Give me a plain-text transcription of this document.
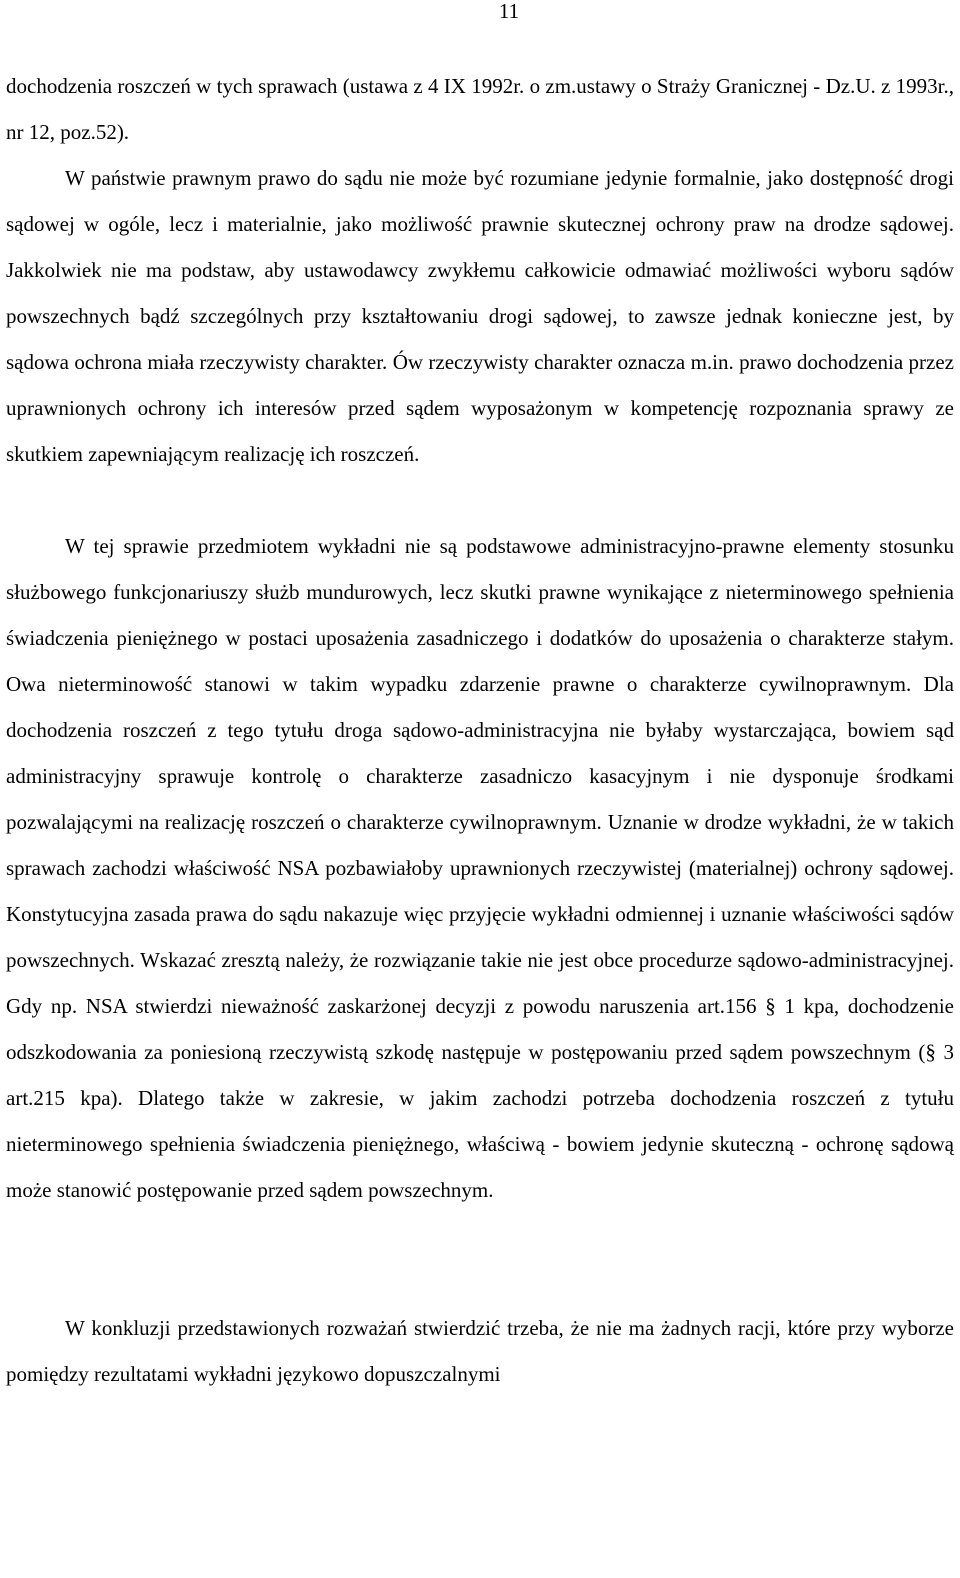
11

dochodzenia roszczeń w tych sprawach (ustawa z 4 IX 1992r. o zm.ustawy o Straży Granicznej - Dz.U. z 1993r., nr 12, poz.52).

W państwie prawnym prawo do sądu nie może być rozumiane jedynie formalnie, jako dostępność drogi sądowej w ogóle, lecz i materialnie, jako możliwość prawnie skutecznej ochrony praw na drodze sądowej. Jakkolwiek nie ma podstaw, aby ustawodawcy zwykłemu całkowicie odmawiać możliwości wyboru sądów powszechnych bądź szczególnych przy kształtowaniu drogi sądowej, to zawsze jednak konieczne jest, by sądowa ochrona miała rzeczywisty charakter. Ów rzeczywisty charakter oznacza m.in. prawo dochodzenia przez uprawnionych ochrony ich interesów przed sądem wyposażonym w kompetencję rozpoznania sprawy ze skutkiem zapewniającym realizację ich roszczeń.

W tej sprawie przedmiotem wykładni nie są podstawowe administracyjno-prawne elementy stosunku służbowego funkcjonariuszy służb mundurowych, lecz skutki prawne wynikające z nieterminowego spełnienia świadczenia pieniężnego w postaci uposażenia zasadniczego i dodatków do uposażenia o charakterze stałym. Owa nieterminowość stanowi w takim wypadku zdarzenie prawne o charakterze cywilnoprawnym. Dla dochodzenia roszczeń z tego tytułu droga sądowo-administracyjna nie byłaby wystarczająca, bowiem sąd administracyjny sprawuje kontrolę o charakterze zasadniczo kasacyjnym i nie dysponuje środkami pozwalającymi na realizację roszczeń o charakterze cywilnoprawnym. Uznanie w drodze wykładni, że w takich sprawach zachodzi właściwość NSA pozbawiałoby uprawnionych rzeczywistej (materialnej) ochrony sądowej. Konstytucyjna zasada prawa do sądu nakazuje więc przyjęcie wykładni odmiennej i uznanie właściwości sądów powszechnych. Wskazać zresztą należy, że rozwiązanie takie nie jest obce procedurze sądowo-administracyjnej. Gdy np. NSA stwierdzi nieważność zaskarżonej decyzji z powodu naruszenia art.156 § 1 kpa, dochodzenie odszkodowania za poniesioną rzeczywistą szkodę następuje w postępowaniu przed sądem powszechnym (§ 3 art.215 kpa). Dlatego także w zakresie, w jakim zachodzi potrzeba dochodzenia roszczeń z tytułu nieterminowego spełnienia świadczenia pieniężnego, właściwą - bowiem jedynie skuteczną - ochronę sądową może stanowić postępowanie przed sądem powszechnym.

W konkluzji przedstawionych rozważań stwierdzić trzeba, że nie ma żadnych racji, które przy wyborze pomiędzy rezultatami wykładni językowo dopuszczalnymi
